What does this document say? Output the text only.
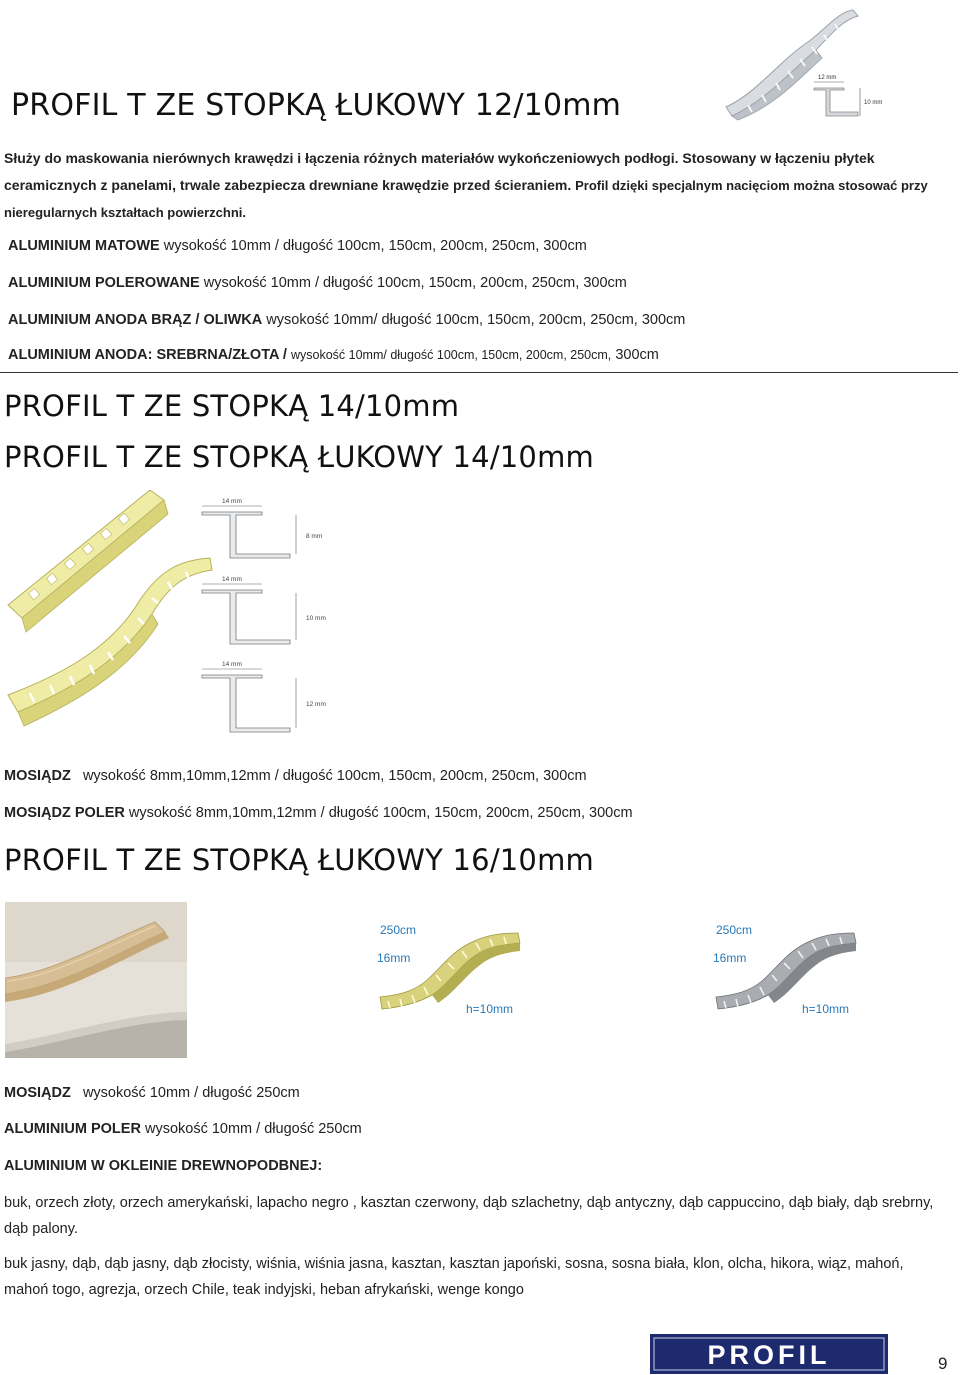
PROFIL T ZE STOPKĄ ŁUKOWY 12/10mm
12 mm
10 mm
Służy do maskowania nierównych krawędzi i łączenia różnych materiałów wykończeniowych podłogi. Stosowany w łączeniu płytek ceramicznych z panelami, trwale zabezpiecza drewniane krawędzie przed ścieraniem. Profil dzięki specjalnym nacięciom można stosować przy nieregularnych kształtach powierzchni.
ALUMINIUM MATOWE wysokość 10mm / długość 100cm, 150cm, 200cm, 250cm, 300cm
ALUMINIUM POLEROWANE wysokość 10mm / długość 100cm, 150cm, 200cm, 250cm, 300cm
ALUMINIUM ANODA BRĄZ / OLIWKA wysokość 10mm/ długość 100cm, 150cm, 200cm, 250cm, 300cm
ALUMINIUM ANODA: SREBRNA/ZŁOTA / wysokość 10mm/ długość 100cm, 150cm, 200cm, 250cm, 300cm
PROFIL T ZE STOPKĄ 14/10mm
PROFIL T ZE STOPKĄ ŁUKOWY 14/10mm
14 mm
8 mm
14 mm
10 mm
14 mm
12 mm
MOSIĄDZ wysokość 8mm,10mm,12mm / długość 100cm, 150cm, 200cm, 250cm, 300cm
MOSIĄDZ POLER wysokość 8mm,10mm,12mm / długość 100cm, 150cm, 200cm, 250cm, 300cm
PROFIL T ZE STOPKĄ ŁUKOWY 16/10mm
250cm
16mm
h=10mm
250cm
16mm
h=10mm
MOSIĄDZ wysokość 10mm / długość 250cm
ALUMINIUM POLER wysokość 10mm / długość 250cm
ALUMINIUM W OKLEINIE DREWNOPODBNEJ:
buk, orzech złoty, orzech amerykański, lapacho negro , kasztan czerwony, dąb szlachetny, dąb antyczny, dąb cappuccino, dąb biały, dąb srebrny, dąb palony.
buk jasny, dąb, dąb jasny, dąb złocisty, wiśnia, wiśnia jasna, kasztan, kasztan japoński, sosna, sosna biała, klon, olcha, hikora, wiąz, mahoń, mahoń togo, agrezja, orzech Chile, teak indyjski, heban afrykański, wenge kongo
PROFIL	9
